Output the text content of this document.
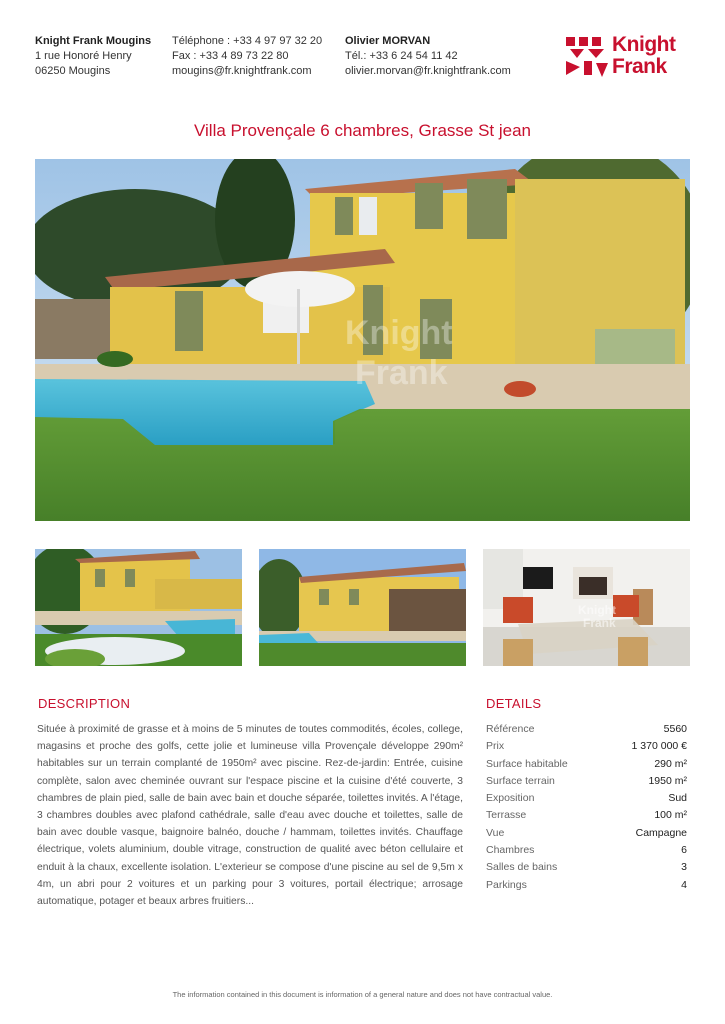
Knight Frank Mougins
1 rue Honoré Henry
06250 Mougins
Téléphone : +33 4 97 97 32 20
Fax : +33 4 89 73 22 80
mougins@fr.knightfrank.com
Olivier MORVAN
Tél.: +33 6 24 54 11 42
olivier.morvan@fr.knightfrank.com
Knight
Frank
Villa Provençale 6 chambres, Grasse St jean
Knight
Frank
Knight
Frank
DESCRIPTION
Située à proximité de grasse et à moins de 5 minutes de toutes commodités, écoles, college, magasins et proche des golfs, cette jolie et lumineuse villa Provençale développe 290m² habitables sur un terrain complanté de 1950m² avec piscine. Rez-de-jardin: Entrée, cuisine complète, salon avec cheminée ouvrant sur l'espace piscine et la cuisine d'été couverte, 3 chambres de plain pied, salle de bain avec bain et douche séparée, toilettes invités. A l'étage, 3 chambres doubles avec plafond cathédrale, salle d'eau avec douche et toilettes, salle de bain avec double vasque, baignoire balnéo, douche / hammam, toilettes invités. Chauffage électrique, volets aluminium, double vitrage, construction de qualité avec béton cellulaire et enduit à la chaux, excellente isolation. L'exterieur se compose d'une piscine au sel de 9,5m x 4m, un abri pour 2 voitures et un parking pour 3 voitures, portail électrique; arrosage automatique, potager et beaux arbres fruitiers...
DETAILS
Référence	5560
Prix	1 370 000 €
Surface habitable	290 m²
Surface terrain	1950 m²
Exposition	Sud
Terrasse	100 m²
Vue	Campagne
Chambres	6
Salles de bains	3
Parkings	4
The information contained in this document is information of a general nature and does not have contractual value.
